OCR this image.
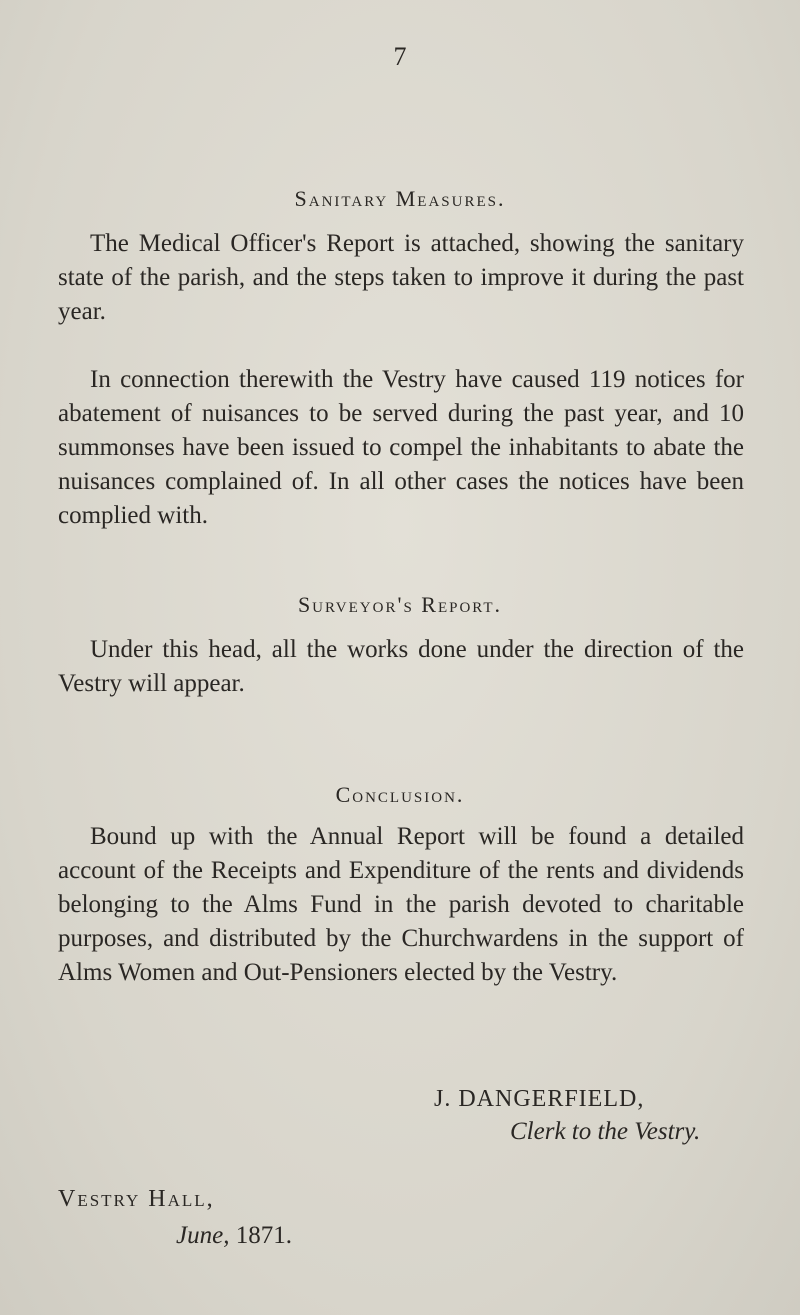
7
Sanitary Measures.
The Medical Officer's Report is attached, showing the sanitary state of the parish, and the steps taken to improve it during the past year.
In connection therewith the Vestry have caused 119 notices for abatement of nuisances to be served during the past year, and 10 summonses have been issued to compel the inhabitants to abate the nuisances complained of. In all other cases the notices have been complied with.
Surveyor's Report.
Under this head, all the works done under the direction of the Vestry will appear.
Conclusion.
Bound up with the Annual Report will be found a detailed account of the Receipts and Expenditure of the rents and dividends belonging to the Alms Fund in the parish devoted to charitable purposes, and distributed by the Churchwardens in the support of Alms Women and Out-Pensioners elected by the Vestry.
J. DANGERFIELD,
Clerk to the Vestry.
Vestry Hall,
June, 1871.
